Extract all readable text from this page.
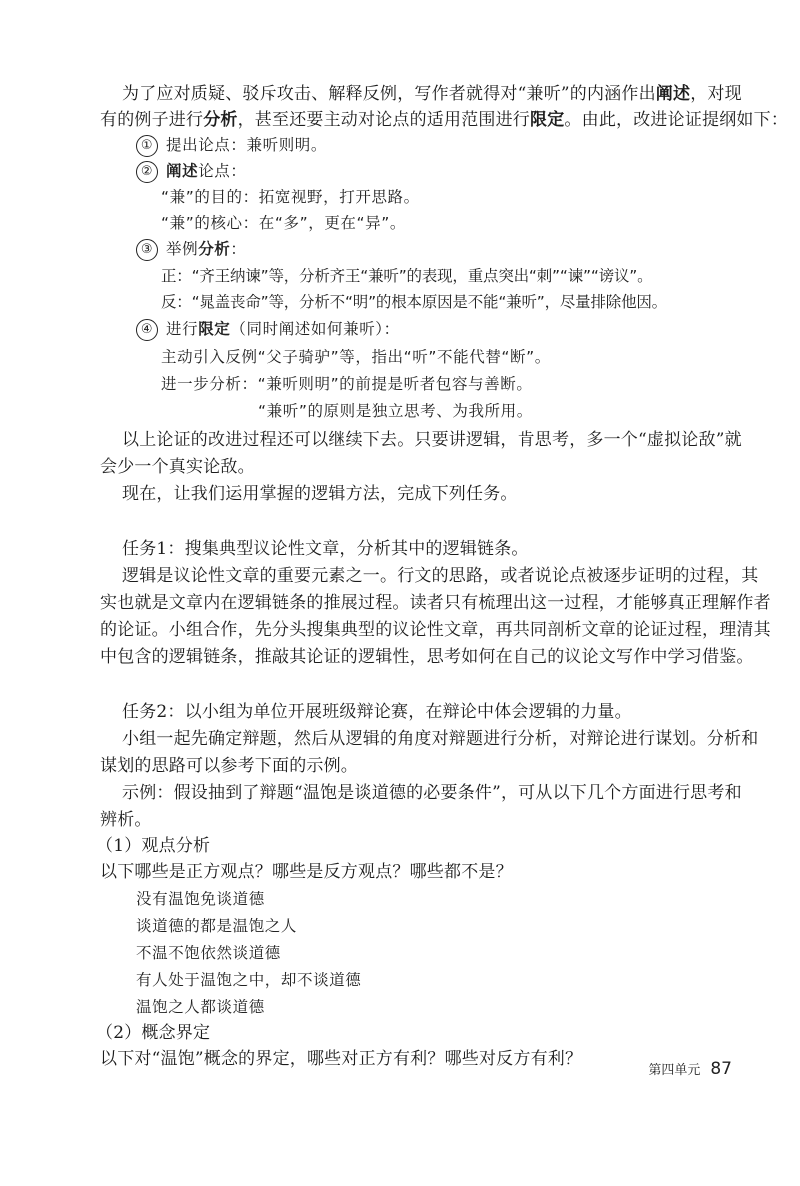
为了应对质疑、驳斥攻击、解释反例，写作者就得对“兼听”的内涵作出阐述，对现
有的例子进行分析，甚至还要主动对论点的适用范围进行限定。由此，改进论证提纲如下：
① 提出论点：兼听则明。
② 阐述论点：
“兼”的目的：拓宽视野，打开思路。
“兼”的核心：在“多”，更在“异”。
③ 举例分析：
正：“齐王纳谏”等，分析齐王“兼听”的表现，重点突出“刺”“谏”“谤议”。
反：“晁盖丧命”等，分析不“明”的根本原因是不能“兼听”，尽量排除他因。
④ 进行限定（同时阐述如何兼听）：
主动引入反例“父子骑驴”等，指出“听”不能代替“断”。
进一步分析：“兼听则明”的前提是听者包容与善断。
“兼听”的原则是独立思考、为我所用。
以上论证的改进过程还可以继续下去。只要讲逻辑，肯思考，多一个“虚拟论敌”就
会少一个真实论敌。
现在，让我们运用掌握的逻辑方法，完成下列任务。
任务1：搜集典型议论性文章，分析其中的逻辑链条。
逻辑是议论性文章的重要元素之一。行文的思路，或者说论点被逐步证明的过程，其
实也就是文章内在逻辑链条的推展过程。读者只有梳理出这一过程，才能够真正理解作者
的论证。小组合作，先分头搜集典型的议论性文章，再共同剖析文章的论证过程，理清其
中包含的逻辑链条，推敲其论证的逻辑性，思考如何在自己的议论文写作中学习借鉴。
任务2：以小组为单位开展班级辩论赛，在辩论中体会逻辑的力量。
小组一起先确定辩题，然后从逻辑的角度对辩题进行分析，对辩论进行谋划。分析和
谋划的思路可以参考下面的示例。
示例：假设抽到了辩题“温饱是谈道德的必要条件”，可从以下几个方面进行思考和
辨析。
（1）观点分析
以下哪些是正方观点？哪些是反方观点？哪些都不是？
没有温饱免谈道德
谈道德的都是温饱之人
不温不饱依然谈道德
有人处于温饱之中，却不谈道德
温饱之人都谈道德
（2）概念界定
以下对“温饱”概念的界定，哪些对正方有利？哪些对反方有利？
第四单元 87
